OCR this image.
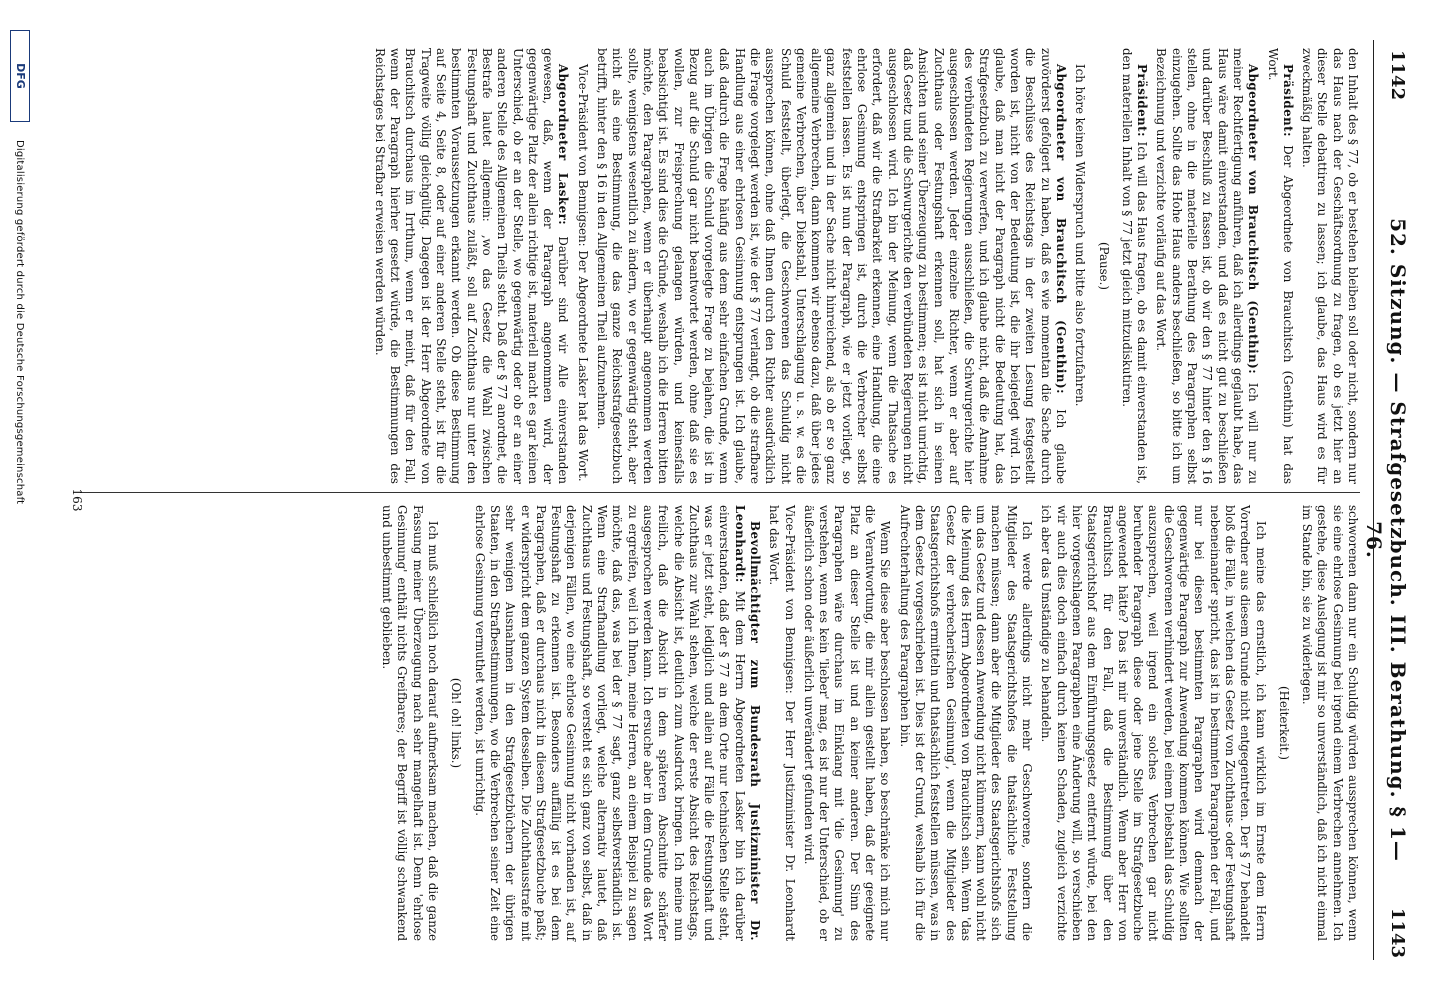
1142
52. Sitzung. — Strafgesetzbuch. III. Berathung. § 1—76.
1143

den Inhalt des § 77, ob er bestehen bleiben soll oder nicht, sondern nur das Haus nach der Geschäftsordnung zu fragen, ob es jetzt hier an dieser Stelle debattiren zu lassen; ich glaube, das Haus wird es für zweckmäßig halten.

Präsident: Der Abgeordnete von Brauchitsch (Genthin) hat das Wort.

Abgeordneter von Brauchitsch (Genthin): Ich will nur zu meiner Rechtfertigung anführen, daß ich allerdings geglaubt habe, das Haus wäre damit einverstanden, und daß es nicht gut zu beschließen und darüber Beschluß zu fassen ist, ob wir den § 77 hinter den § 16 stellen, ohne in die materielle Berathung des Paragraphen selbst einzugehen. Sollte das Hohe Haus anders beschließen, so bitte ich um Bezeichnung und verzichte vorläufig auf das Wort.

Präsident: Ich will das Haus fragen, ob es damit einverstanden ist, den materiellen Inhalt von § 77 jetzt gleich mitzudiskutiren.

(Pause.)

Ich höre keinen Widerspruch und bitte also fortzufahren.

Abgeordneter von Brauchitsch (Genthin): Ich glaube zuvörderst gefolgert zu haben, daß es wie momentan die Sache durch die Beschlüsse des Reichstags in der zweiten Lesung festgestellt worden ist, nicht von der Bedeutung ist, die ihr beigelegt wird. Ich glaube, daß man nicht der Paragraph nicht die Bedeutung hat, das Strafgesetzbuch zu verwerfen, und ich glaube nicht, daß die Annahme des verbündeten Regierungen ausschließen, die Schwurgerichte hier ausgeschlossen werden. Jeder einzelne Richter, wenn er aber auf Zuchthaus oder Festungshaft erkennen soll, hat sich in seinen Ansichten und seiner Überzeugung zu bestimmen; es ist nicht unrichtig, daß Gesetz und die Schwurgerichte den verbündeten Regierungen nicht ausgeschlossen wird. Ich bin der Meinung, wenn die Thatsache es erfordert, daß wir die Strafbarkeit erkennen, eine Handlung, die eine ehrlose Gesinnung entspringen ist, durch die Verbrecher selbst feststellen lassen. Es ist nun der Paragraph, wie er jetzt vorliegt, so ganz allgemein und in der Sache nicht hinreichend, als ob er so ganz allgemeine Verbrechen, dann kommen wir ebenso dazu, daß über jedes gemeine Verbrechen, über Diebstahl, Unterschlagung u. s. w. es die Schuld feststellt, überlegt, die Geschworenen das Schuldig nicht aussprechen können, ohne daß Ihnen durch den Richter ausdrücklich die Frage vorgelegt werden ist, wie der § 77 verlangt, ob die strafbare Handlung aus einer ehrlosen Gesinnung entsprungen ist. Ich glaube, daß dadurch die Frage häufig aus dem sehr einfachen Grunde, wenn auch im Übrigen die Schuld vorgelegte Frage zu bejahen, die ist in Bezug auf die Schuld gar nicht beantwortet werden, ohne daß sie es wollen, zur Freisprechung gelangen würden, und keinesfalls beabsichtigt ist. Es sind dies die Gründe, weshalb ich die Herren bitten möchte, den Paragraphen, wenn er überhaupt angenommen werden sollte, wenigstens wesentlich zu ändern, wo er gegenwärtig steht, aber nicht als eine Bestimmung, die das ganze Reichsstrafgesetzbuch betrifft, hinter den § 16 in den Allgemeinen Theil aufzunehmen.

Vice-Präsident von Bennigsen: Der Abgeordnete Lasker hat das Wort.

Abgeordneter Lasker: Darüber sind wir Alle einverstanden gewesen, daß, wenn der Paragraph angenommen wird, der gegenwärtige Platz der allein richtige ist, materiell macht es gar keinen Unterschied, ob er an der Stelle, wo gegenwärtig oder ob er an einer anderen Stelle des Allgemeinen Theils steht. Daß der § 77 anordnet, die Bestrafe lautet allgemein: ‚wo das Gesetz die Wahl zwischen Festungshaft und Zuchthaus zuläßt, soll auf Zuchthaus nur unter den bestimmten Voraussetzungen erkannt werden. Ob diese Bestimmung auf Seite 4, Seite 8, oder auf einer anderen Stelle steht, ist für die Tragweite völlig gleichgültig. Dagegen ist der Herr Abgeordnete von Brauchitsch durchaus im Irrthum, wenn er meint, daß für den Fall, wenn der Paragraph hierher gesetzt würde, die Bestimmungen des Reichstages bei Strafbar erweisen werden würden.

schworenen dann nur ein Schuldig würden aussprechen können, wenn sie eine ehrlose Gesinnung bei irgend einem Verbrechen annehmen. Ich gestehe, diese Auslegung ist mir so unverständlich, daß ich nicht einmal im Stande bin, sie zu widerlegen.

(Heiterkeit.)

Ich meine das ernstlich, ich kann wirklich im Ernste dem Herrn Vorredner aus diesem Grunde nicht entgegentreten. Der § 77 behandelt bloß die Fälle, in welchen das Gesetz von Zuchthaus- oder Festungshaft nebeneinander spricht, das ist in bestimmten Paragraphen der Fall, und nur bei diesen bestimmten Paragraphen wird demnach der gegenwärtige Paragraph zur Anwendung kommen können. Wie sollten die Geschworenen verhindert werden, bei einem Diebstahl das Schuldig auszusprechen, weil irgend ein solches Verbrechen gar nicht beruhender Paragraph diese oder jene Stelle im Strafgesetzbuche angewendet hätte? Das ist mir unverständlich. Wenn aber Herr von Brauchitsch für den Fall, daß die Bestimmung über den Staatsgerichtshof aus dem Einführungsgesetz entfernt würde, bei den hier vorgeschlagenen Paragraphen eine Änderung will, so verschieben wir auch dies doch einfach durch keinen Schaden, zugleich verzichte ich aber das Umständige zu behandeln.

Ich werde allerdings nicht mehr Geschworene, sondern die Mitglieder des Staatsgerichtshofes die thatsächliche Feststellung machen müssen; dann aber die Mitglieder des Staatsgerichtshofs sich um das Gesetz und dessen Anwendung nicht kümmern, kann wohl nicht die Meinung des Herrn Abgeordneten von Brauchitsch sein. Wenn 'das Gesetz der verbrecherischen Gesinnung', wenn die Mitglieder des Staatsgerichtshofs ermitteln und thatsächlich feststellen müssen, was in dem Gesetz vorgeschrieben ist. Dies ist der Grund, weshalb ich für die Aufrechterhaltung des Paragraphen bin.

Wenn Sie diese aber beschlossen haben, so beschränke ich mich nur die Verantwortung, die mir allein gestellt haben, daß der geeignete Platz an dieser Stelle ist und an keiner anderen. Der Sinn des Paragraphen wäre durchaus im Einklang mit 'die Gesinnung' zu verstehen, wenn es kein 'lieber' mag, es ist nur der Unterschied, ob er äußerlich schon oder äußerlich unverändert gefunden wird.

Vice-Präsident von Bennigsen: Der Herr Justizminister Dr. Leonhardt hat das Wort.

Bevollmächtigter zum Bundesrath Justizminister Dr. Leonhardt: Mit dem Herrn Abgeordneten Lasker bin ich darüber einverstanden, daß der § 77 an dem Orte nur technischen Stelle steht, was er jetzt steht, lediglich und allein auf Fälle die Festungshaft und Zuchthaus zur Wahl stehen, welche der erste Absicht des Reichstags, welche die Absicht ist, deutlich zum Ausdruck bringen. Ich meine nun freilich, daß die Absicht in dem späteren Abschnitte schärfer ausgesprochen werden kann. Ich ersuche aber in dem Grunde das Wort zu ergreifen, weil ich Ihnen, meine Herren, an einem Beispiel zu sagen möchte, daß das, was bei der § 77 sagt, ganz selbstverständlich ist. Wenn eine Strafhandlung vorliegt, welche alternativ lautet, daß Zuchthaus und Festungshaft, so versteht es sich ganz von selbst, daß in derjenigen Fällen, wo eine ehrlose Gesinnung nicht vorhanden ist, auf Festungshaft zu erkennen ist. Besonders auffällig ist es bei dem Paragraphen, daß er durchaus nicht in diesem Strafgesetzbuche paßt; er widerspricht dem ganzen System desselben. Die Zuchthausstrafe mit sehr wenigen Ausnahmen in den Strafgesetzbüchern der übrigen Staaten, in den Strafbestimmungen, wo die Verbrechen seiner Zeit eine ehrlose Gesinnung vermuthet werden, ist unrichtig.

(Oh! oh! links.)

Ich muß schließlich noch darauf aufmerksam machen, daß die ganze Fassung meiner Überzeugung nach sehr mangelhaft ist. Denn 'ehrlose Gesinnung' enthält nichts Greifbares; der Begriff ist völlig schwankend und unbestimmt geblieben.

163
DFG
Digitalisierung gefördert durch die Deutsche Forschungsgemeinschaft
